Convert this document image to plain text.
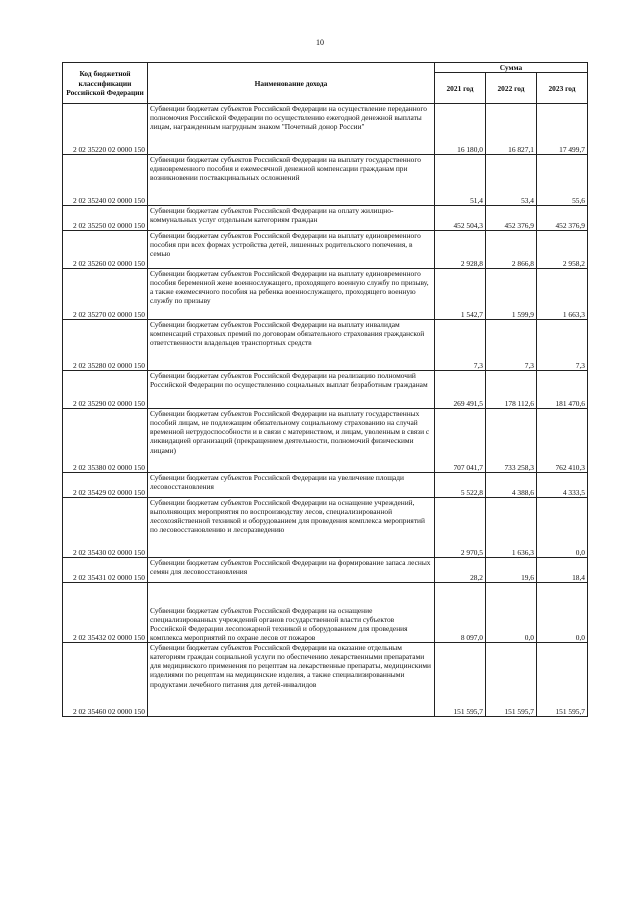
10
Код бюджетной классификации Российской Федерации	Наименование дохода	Сумма		
		2021 год	2022 год	2023 год
2 02 35220 02 0000 150	Субвенции бюджетам субъектов Российской Федерации на осуществление переданного полномочия Российской Федерации по осуществлению ежегодной денежной выплаты лицам, награжденным нагрудным знаком "Почетный донор России"	16 180,0	16 827,1	17 499,7
2 02 35240 02 0000 150	Субвенции бюджетам субъектов Российской Федерации на выплату государственного единовременного пособия и ежемесячной денежной компенсации гражданам при возникновении поствакцинальных осложнений	51,4	53,4	55,6
2 02 35250 02 0000 150	Субвенции бюджетам субъектов Российской Федерации на оплату жилищно-коммунальных услуг отдельным категориям граждан	452 504,3	452 376,9	452 376,9
2 02 35260 02 0000 150	Субвенции бюджетам субъектов Российской Федерации на выплату единовременного пособия при всех формах устройства детей, лишенных родительского попечения, в семью	2 928,8	2 866,8	2 958,2
2 02 35270 02 0000 150	Субвенции бюджетам субъектов Российской Федерации на выплату единовременного пособия беременной жене военнослужащего, проходящего военную службу по призыву, а также ежемесячного пособия на ребенка военнослужащего, проходящего военную службу по призыву	1 542,7	1 599,9	1 663,3
2 02 35280 02 0000 150	Субвенции бюджетам субъектов Российской Федерации на выплату инвалидам компенсаций страховых премий по договорам обязательного страхования гражданской ответственности владельцев транспортных средств	7,3	7,3	7,3
2 02 35290 02 0000 150	Субвенции бюджетам субъектов Российской Федерации на реализацию полномочий Российской Федерации по осуществлению социальных выплат безработным гражданам	269 491,5	178 112,6	181 470,6
2 02 35380 02 0000 150	Субвенции бюджетам субъектов Российской Федерации на выплату государственных пособий лицам, не подлежащим обязательному социальному страхованию на случай временной нетрудоспособности и в связи с материнством, и лицам, уволенным в связи с ликвидацией организаций (прекращением деятельности, полномочий физическими лицами)	707 041,7	733 258,3	762 410,3
2 02 35429 02 0000 150	Субвенции бюджетам субъектов Российской Федерации на увеличение площади лесовосстановления	5 522,8	4 388,6	4 333,5
2 02 35430 02 0000 150	Субвенции бюджетам субъектов Российской Федерации на оснащение учреждений, выполняющих мероприятия по воспроизводству лесов, специализированной лесохозяйственной техникой и оборудованием для проведения комплекса мероприятий по лесовосстановлению и лесоразведению	2 970,5	1 636,3	0,0
2 02 35431 02 0000 150	Субвенции бюджетам субъектов Российской Федерации на формирование запаса лесных семян для лесовосстановления	28,2	19,6	18,4
2 02 35432 02 0000 150	Субвенции бюджетам субъектов Российской Федерации на оснащение специализированных учреждений органов государственной власти субъектов Российской Федерации лесопожарной техникой и оборудованием для проведения комплекса мероприятий по охране лесов от пожаров	8 097,0	0,0	0,0
2 02 35460 02 0000 150	Субвенции бюджетам субъектов Российской Федерации на оказание отдельным категориям граждан социальной услуги по обеспечению лекарственными препаратами для медицинского применения по рецептам на лекарственные препараты, медицинскими изделиями по рецептам на медицинские изделия, а также специализированными продуктами лечебного питания для детей-инвалидов	151 595,7	151 595,7	151 595,7
